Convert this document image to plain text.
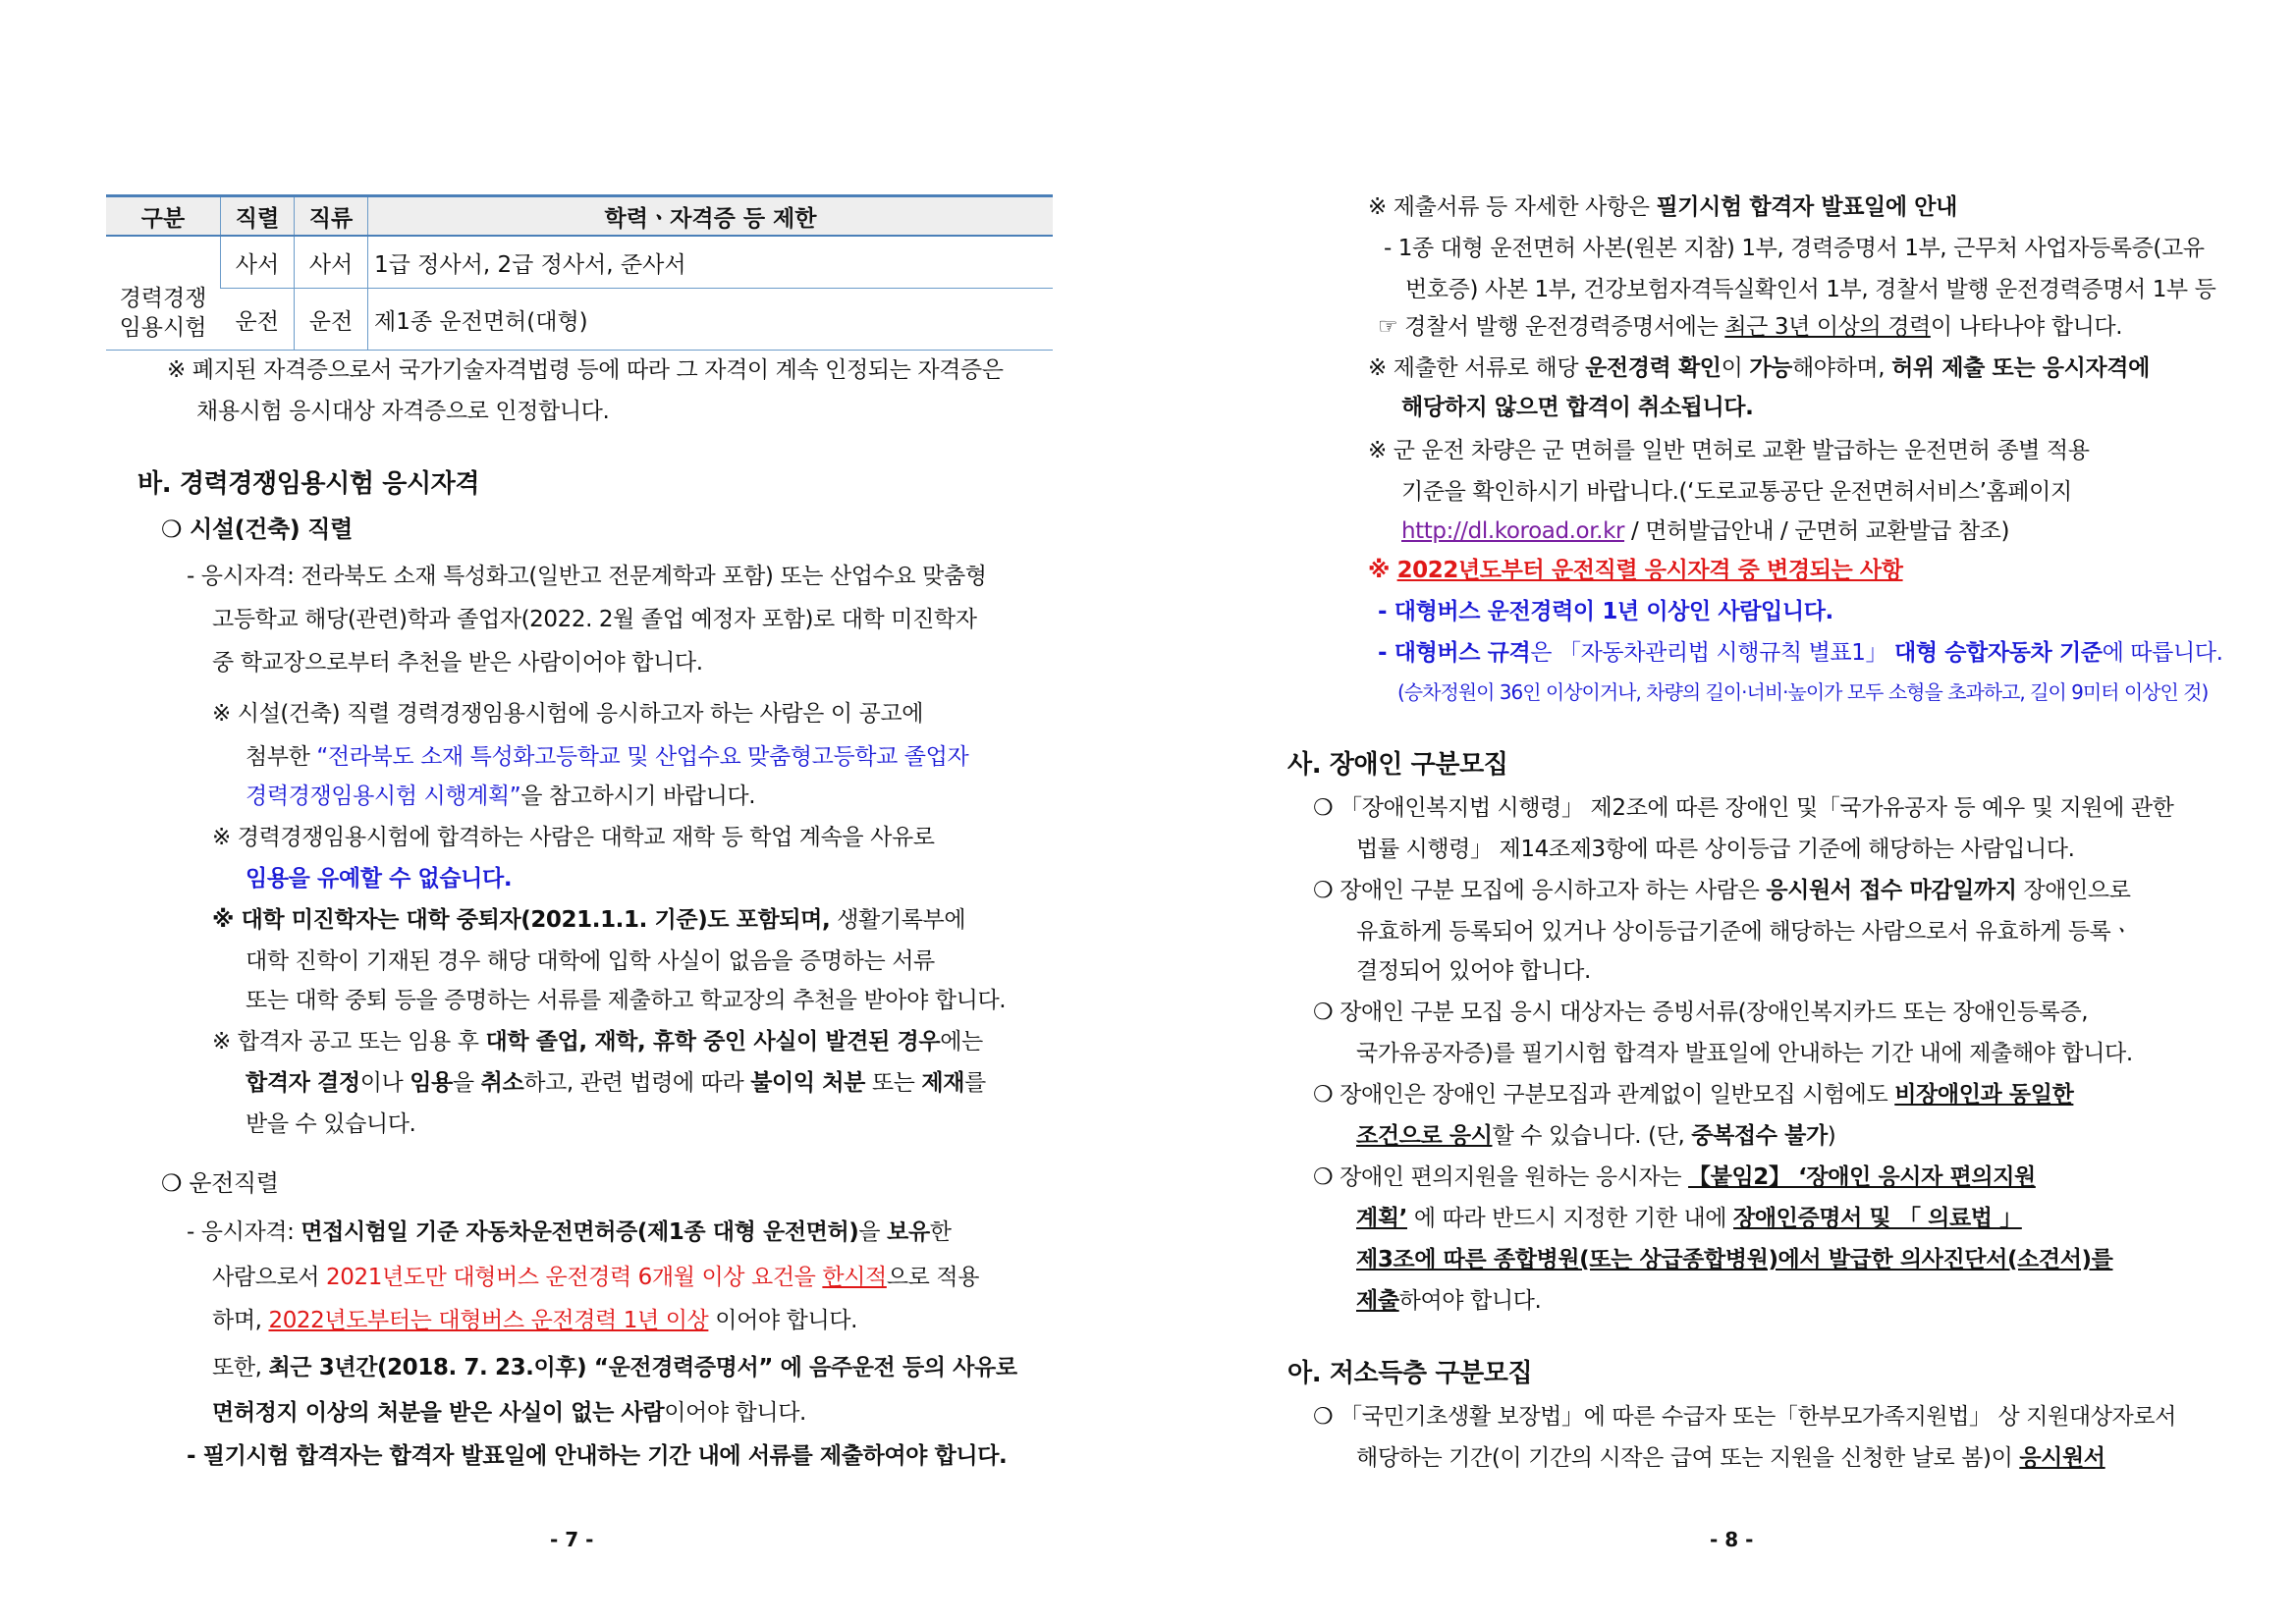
구분	직렬	직류	학력ㆍ자격증 등 제한

경력경쟁
임용시험	사서	사서	1급 정사서, 2급 정사서, 준사서
	운전	운전	제1종 운전면허(대형)
※ 폐지된 자격증으로서 국가기술자격법령 등에 따라 그 자격이 계속 인정되는 자격증은
채용시험 응시대상 자격증으로 인정합니다.
바. 경력경쟁임용시험 응시자격
❍ 시설(건축) 직렬
- 응시자격: 전라북도 소재 특성화고(일반고 전문계학과 포함) 또는 산업수요 맞춤형
고등학교 해당(관련)학과 졸업자(2022. 2월 졸업 예정자 포함)로 대학 미진학자
중 학교장으로부터 추천을 받은 사람이어야 합니다.
※ 시설(건축) 직렬 경력경쟁임용시험에 응시하고자 하는 사람은 이 공고에
첨부한 “전라북도 소재 특성화고등학교 및 산업수요 맞춤형고등학교 졸업자
경력경쟁임용시험 시행계획”을 참고하시기 바랍니다.
※ 경력경쟁임용시험에 합격하는 사람은 대학교 재학 등 학업 계속을 사유로
임용을 유예할 수 없습니다.
※ 대학 미진학자는 대학 중퇴자(2021.1.1. 기준)도 포함되며, 생활기록부에
대학 진학이 기재된 경우 해당 대학에 입학 사실이 없음을 증명하는 서류
또는 대학 중퇴 등을 증명하는 서류를 제출하고 학교장의 추천을 받아야 합니다.
※ 합격자 공고 또는 임용 후 대학 졸업, 재학, 휴학 중인 사실이 발견된 경우에는
합격자 결정이나 임용을 취소하고, 관련 법령에 따라 불이익 처분 또는 제재를
받을 수 있습니다.
❍ 운전직렬
- 응시자격: 면접시험일 기준 자동차운전면허증(제1종 대형 운전면허)을 보유한
사람으로서 2021년도만 대형버스 운전경력 6개월 이상 요건을 한시적으로 적용
하며, 2022년도부터는 대형버스 운전경력 1년 이상 이어야 합니다.
또한, 최근 3년간(2018. 7. 23.이후) “운전경력증명서” 에 음주운전 등의 사유로
면허정지 이상의 처분을 받은 사실이 없는 사람이어야 합니다.
- 필기시험 합격자는 합격자 발표일에 안내하는 기간 내에 서류를 제출하여야 합니다.
- 7 -
※ 제출서류 등 자세한 사항은 필기시험 합격자 발표일에 안내
- 1종 대형 운전면허 사본(원본 지참) 1부, 경력증명서 1부, 근무처 사업자등록증(고유
번호증) 사본 1부, 건강보험자격득실확인서 1부, 경찰서 발행 운전경력증명서 1부 등
☞ 경찰서 발행 운전경력증명서에는 최근 3년 이상의 경력이 나타나야 합니다.
※ 제출한 서류로 해당 운전경력 확인이 가능해야하며, 허위 제출 또는 응시자격에
해당하지 않으면 합격이 취소됩니다.
※ 군 운전 차량은 군 면허를 일반 면허로 교환 발급하는 운전면허 종별 적용
기준을 확인하시기 바랍니다.(‘도로교통공단 운전면허서비스’홈페이지
http://dl.koroad.or.kr / 면허발급안내 / 군면허 교환발급 참조)
※ 2022년도부터 운전직렬 응시자격 중 변경되는 사항
- 대형버스 운전경력이 1년 이상인 사람입니다.
- 대형버스 규격은 「자동차관리법 시행규칙 별표1」 대형 승합자동차 기준에 따릅니다.
(승차정원이 36인 이상이거나, 차량의 길이·너비·높이가 모두 소형을 초과하고, 길이 9미터 이상인 것)
사. 장애인 구분모집
❍ 「장애인복지법 시행령」 제2조에 따른 장애인 및「국가유공자 등 예우 및 지원에 관한
법률 시행령」 제14조제3항에 따른 상이등급 기준에 해당하는 사람입니다.
❍ 장애인 구분 모집에 응시하고자 하는 사람은 응시원서 접수 마감일까지 장애인으로
유효하게 등록되어 있거나 상이등급기준에 해당하는 사람으로서 유효하게 등록ㆍ
결정되어 있어야 합니다.
❍ 장애인 구분 모집 응시 대상자는 증빙서류(장애인복지카드 또는 장애인등록증,
국가유공자증)를 필기시험 합격자 발표일에 안내하는 기간 내에 제출해야 합니다.
❍ 장애인은 장애인 구분모집과 관계없이 일반모집 시험에도 비장애인과 동일한
조건으로 응시할 수 있습니다. (단, 중복접수 불가)
❍ 장애인 편의지원을 원하는 응시자는 【붙임2】 ‘장애인 응시자 편의지원
계획’ 에 따라 반드시 지정한 기한 내에 장애인증명서 및 「 의료법 」
제3조에 따른 종합병원(또는 상급종합병원)에서 발급한 의사진단서(소견서)를
제출하여야 합니다.
아. 저소득층 구분모집
❍ 「국민기초생활 보장법」에 따른 수급자 또는「한부모가족지원법」 상 지원대상자로서
해당하는 기간(이 기간의 시작은 급여 또는 지원을 신청한 날로 봄)이 응시원서
- 8 -
